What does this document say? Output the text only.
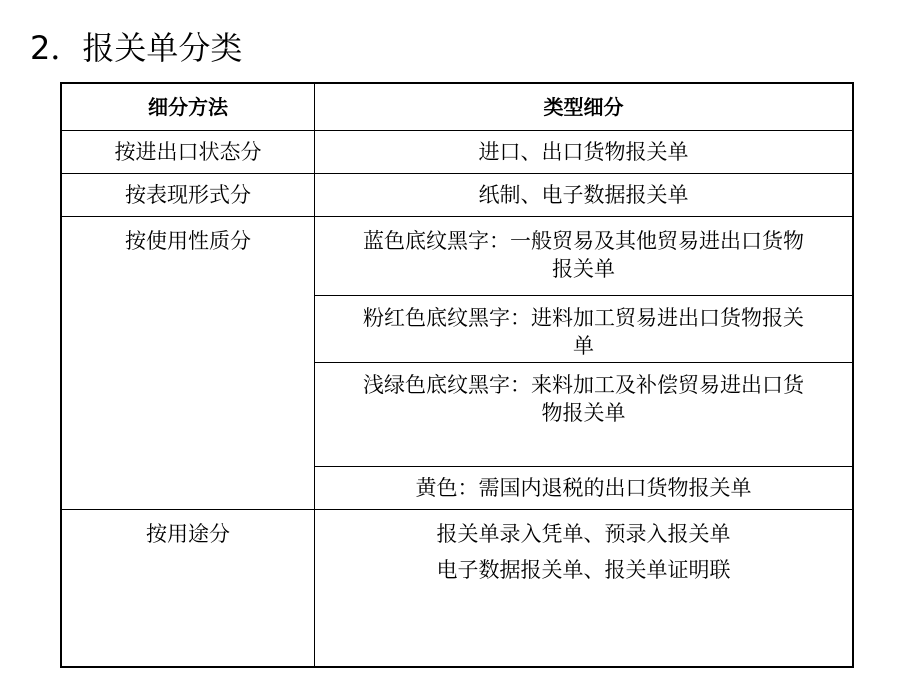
2．报关单分类
细分方法	类型细分
按进出口状态分	进口、出口货物报关单
按表现形式分	纸制、电子数据报关单
按使用性质分	蓝色底纹黑字：一般贸易及其他贸易进出口货物
报关单

	粉红色底纹黑字：进料加工贸易进出口货物报关
单

	浅绿色底纹黑字：来料加工及补偿贸易进出口货
物报关单

	黄色：需国内退税的出口货物报关单
按用途分	报关单录入凭单、预录入报关单
电子数据报关单、报关单证明联
